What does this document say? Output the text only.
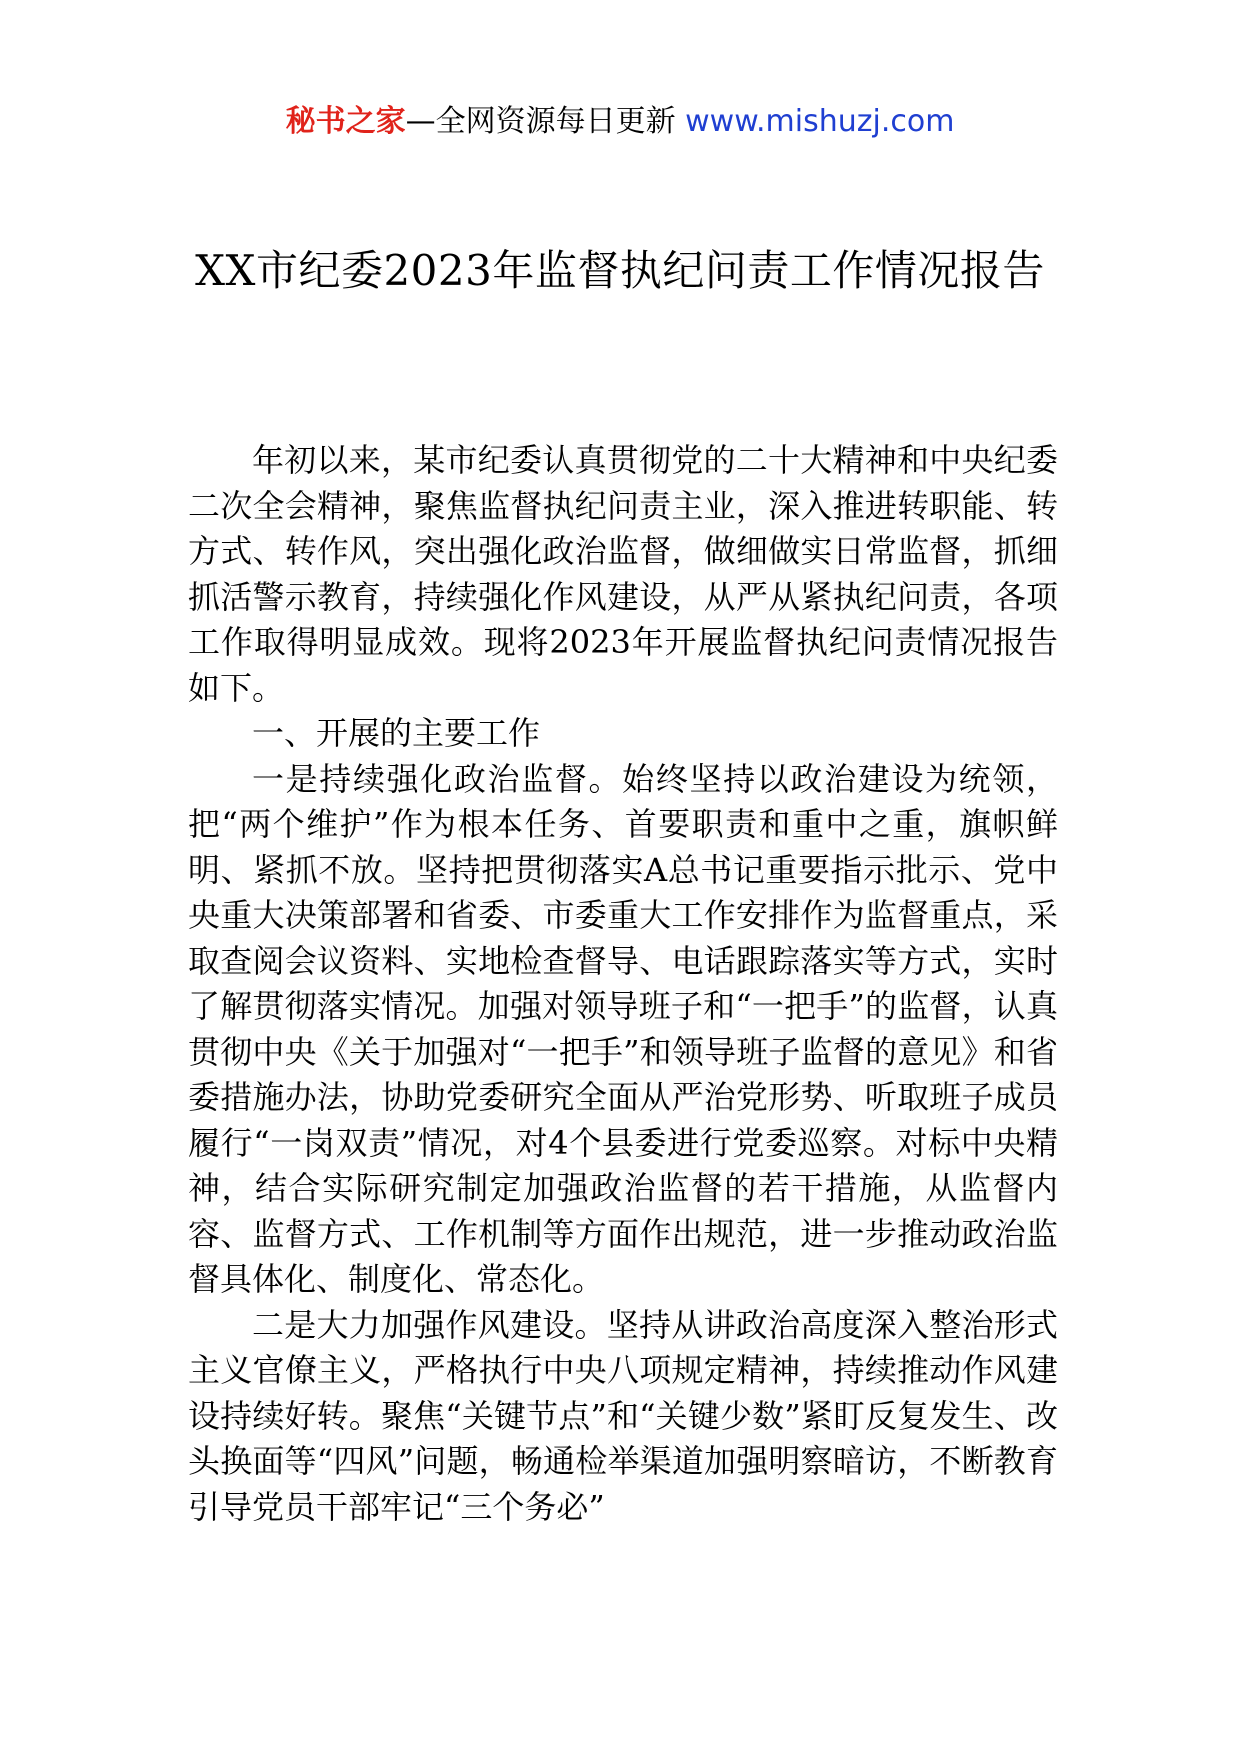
秘书之家—全网资源每日更新 www.mishuzj.com
XX市纪委2023年监督执纪问责工作情况报告

年初以来，某市纪委认真贯彻党的二十大精神和中央纪委二次全会精神，聚焦监督执纪问责主业，深入推进转职能、转方式、转作风，突出强化政治监督，做细做实日常监督，抓细抓活警示教育，持续强化作风建设，从严从紧执纪问责，各项工作取得明显成效。现将2023年开展监督执纪问责情况报告如下。

一、开展的主要工作

一是持续强化政治监督。始终坚持以政治建设为统领，把“两个维护”作为根本任务、首要职责和重中之重，旗帜鲜明、紧抓不放。坚持把贯彻落实A总书记重要指示批示、党中央重大决策部署和省委、市委重大工作安排作为监督重点，采取查阅会议资料、实地检查督导、电话跟踪落实等方式，实时了解贯彻落实情况。加强对领导班子和“一把手”的监督，认真贯彻中央《关于加强对“一把手”和领导班子监督的意见》和省委措施办法，协助党委研究全面从严治党形势、听取班子成员履行“一岗双责”情况，对4个县委进行党委巡察。对标中央精神，结合实际研究制定加强政治监督的若干措施，从监督内容、监督方式、工作机制等方面作出规范，进一步推动政治监督具体化、制度化、常态化。

二是大力加强作风建设。坚持从讲政治高度深入整治形式主义官僚主义，严格执行中央八项规定精神，持续推动作风建设持续好转。聚焦“关键节点”和“关键少数”紧盯反复发生、改头换面等“四风”问题，畅通检举渠道加强明察暗访，不断教育引导党员干部牢记“三个务必”
